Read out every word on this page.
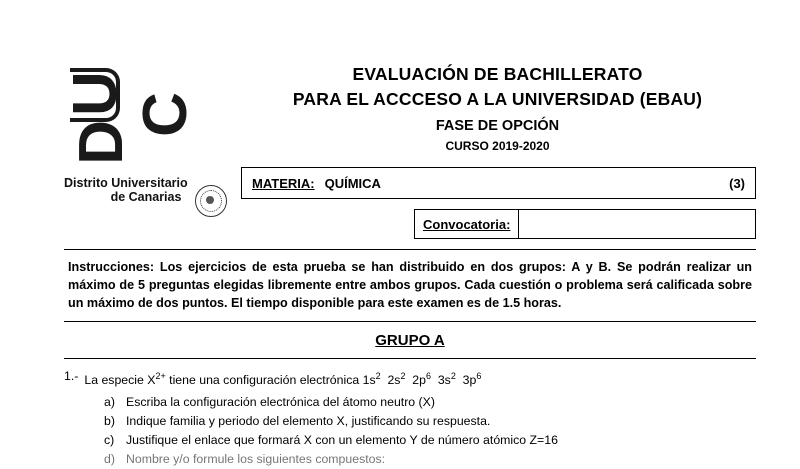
DUC
Distrito Universitario
de Canarias
EVALUACIÓN DE BACHILLERATO
PARA EL ACCCESO A LA UNIVERSIDAD (EBAU)
FASE DE OPCIÓN
CURSO 2019-2020
MATERIA: QUÍMICA	(3)
Convocatoria:
Instrucciones: Los ejercicios de esta prueba se han distribuido en dos grupos: A y B. Se podrán realizar un máximo de 5 preguntas elegidas libremente entre ambos grupos. Cada cuestión o problema será calificada sobre un máximo de dos puntos. El tiempo disponible para este examen es de 1.5 horas.
GRUPO A
1.- La especie $X^{2+}$ tiene una configuración electrónica $1s^2$  $2s^2$  $2p^6$  $3s^2$  $3p^6$
a) Escriba la configuración electrónica del átomo neutro (X)
b) Indique familia y periodo del elemento X, justificando su respuesta.
c) Justifique el enlace que formará X con un elemento Y de número atómico Z=16
d) Nombre y/o formule los siguientes compuestos:
